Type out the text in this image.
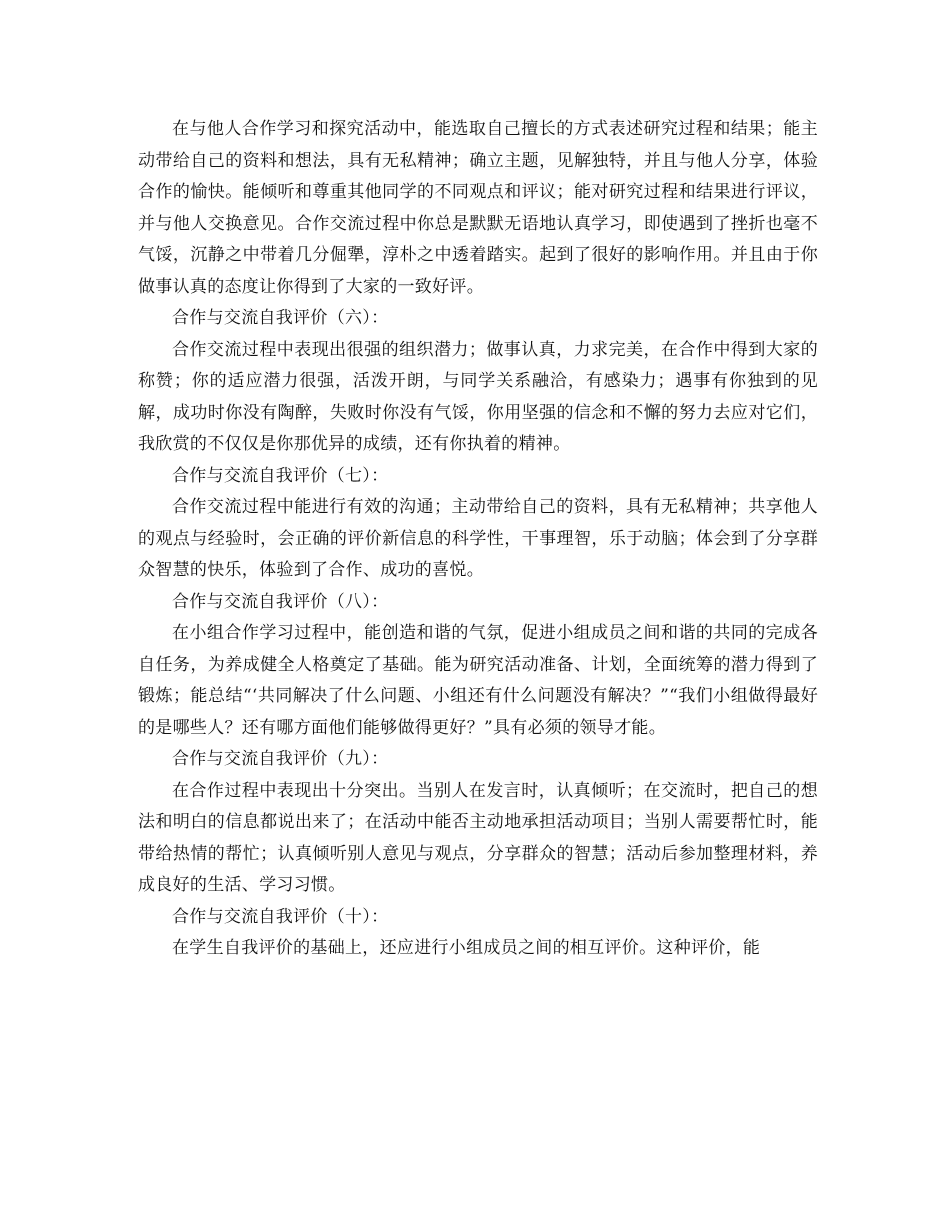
在与他人合作学习和探究活动中，能选取自己擅长的方式表述研究过程和结果；能主动带给自己的资料和想法，具有无私精神；确立主题，见解独特，并且与他人分享，体验合作的愉快。能倾听和尊重其他同学的不同观点和评议；能对研究过程和结果进行评议，并与他人交换意见。合作交流过程中你总是默默无语地认真学习，即使遇到了挫折也毫不气馁，沉静之中带着几分倔犟，淳朴之中透着踏实。起到了很好的影响作用。并且由于你做事认真的态度让你得到了大家的一致好评。

合作与交流自我评价（六）：

合作交流过程中表现出很强的组织潜力；做事认真，力求完美，在合作中得到大家的称赞；你的适应潜力很强，活泼开朗，与同学关系融洽，有感染力；遇事有你独到的见解，成功时你没有陶醉，失败时你没有气馁，你用坚强的信念和不懈的努力去应对它们，我欣赏的不仅仅是你那优异的成绩，还有你执着的精神。

合作与交流自我评价（七）：

合作交流过程中能进行有效的沟通；主动带给自己的资料，具有无私精神；共享他人的观点与经验时，会正确的评价新信息的科学性，干事理智，乐于动脑；体会到了分享群众智慧的快乐，体验到了合作、成功的喜悦。

合作与交流自我评价（八）：

在小组合作学习过程中，能创造和谐的气氛，促进小组成员之间和谐的共同的完成各自任务，为养成健全人格奠定了基础。能为研究活动准备、计划，全面统筹的潜力得到了锻炼；能总结“‘共同解决了什么问题、小组还有什么问题没有解决？”“我们小组做得最好的是哪些人？还有哪方面他们能够做得更好？”具有必须的领导才能。

合作与交流自我评价（九）：

在合作过程中表现出十分突出。当别人在发言时，认真倾听；在交流时，把自己的想法和明白的信息都说出来了；在活动中能否主动地承担活动项目；当别人需要帮忙时，能带给热情的帮忙；认真倾听别人意见与观点，分享群众的智慧；活动后参加整理材料，养成良好的生活、学习习惯。

合作与交流自我评价（十）：

在学生自我评价的基础上，还应进行小组成员之间的相互评价。这种评价，能
